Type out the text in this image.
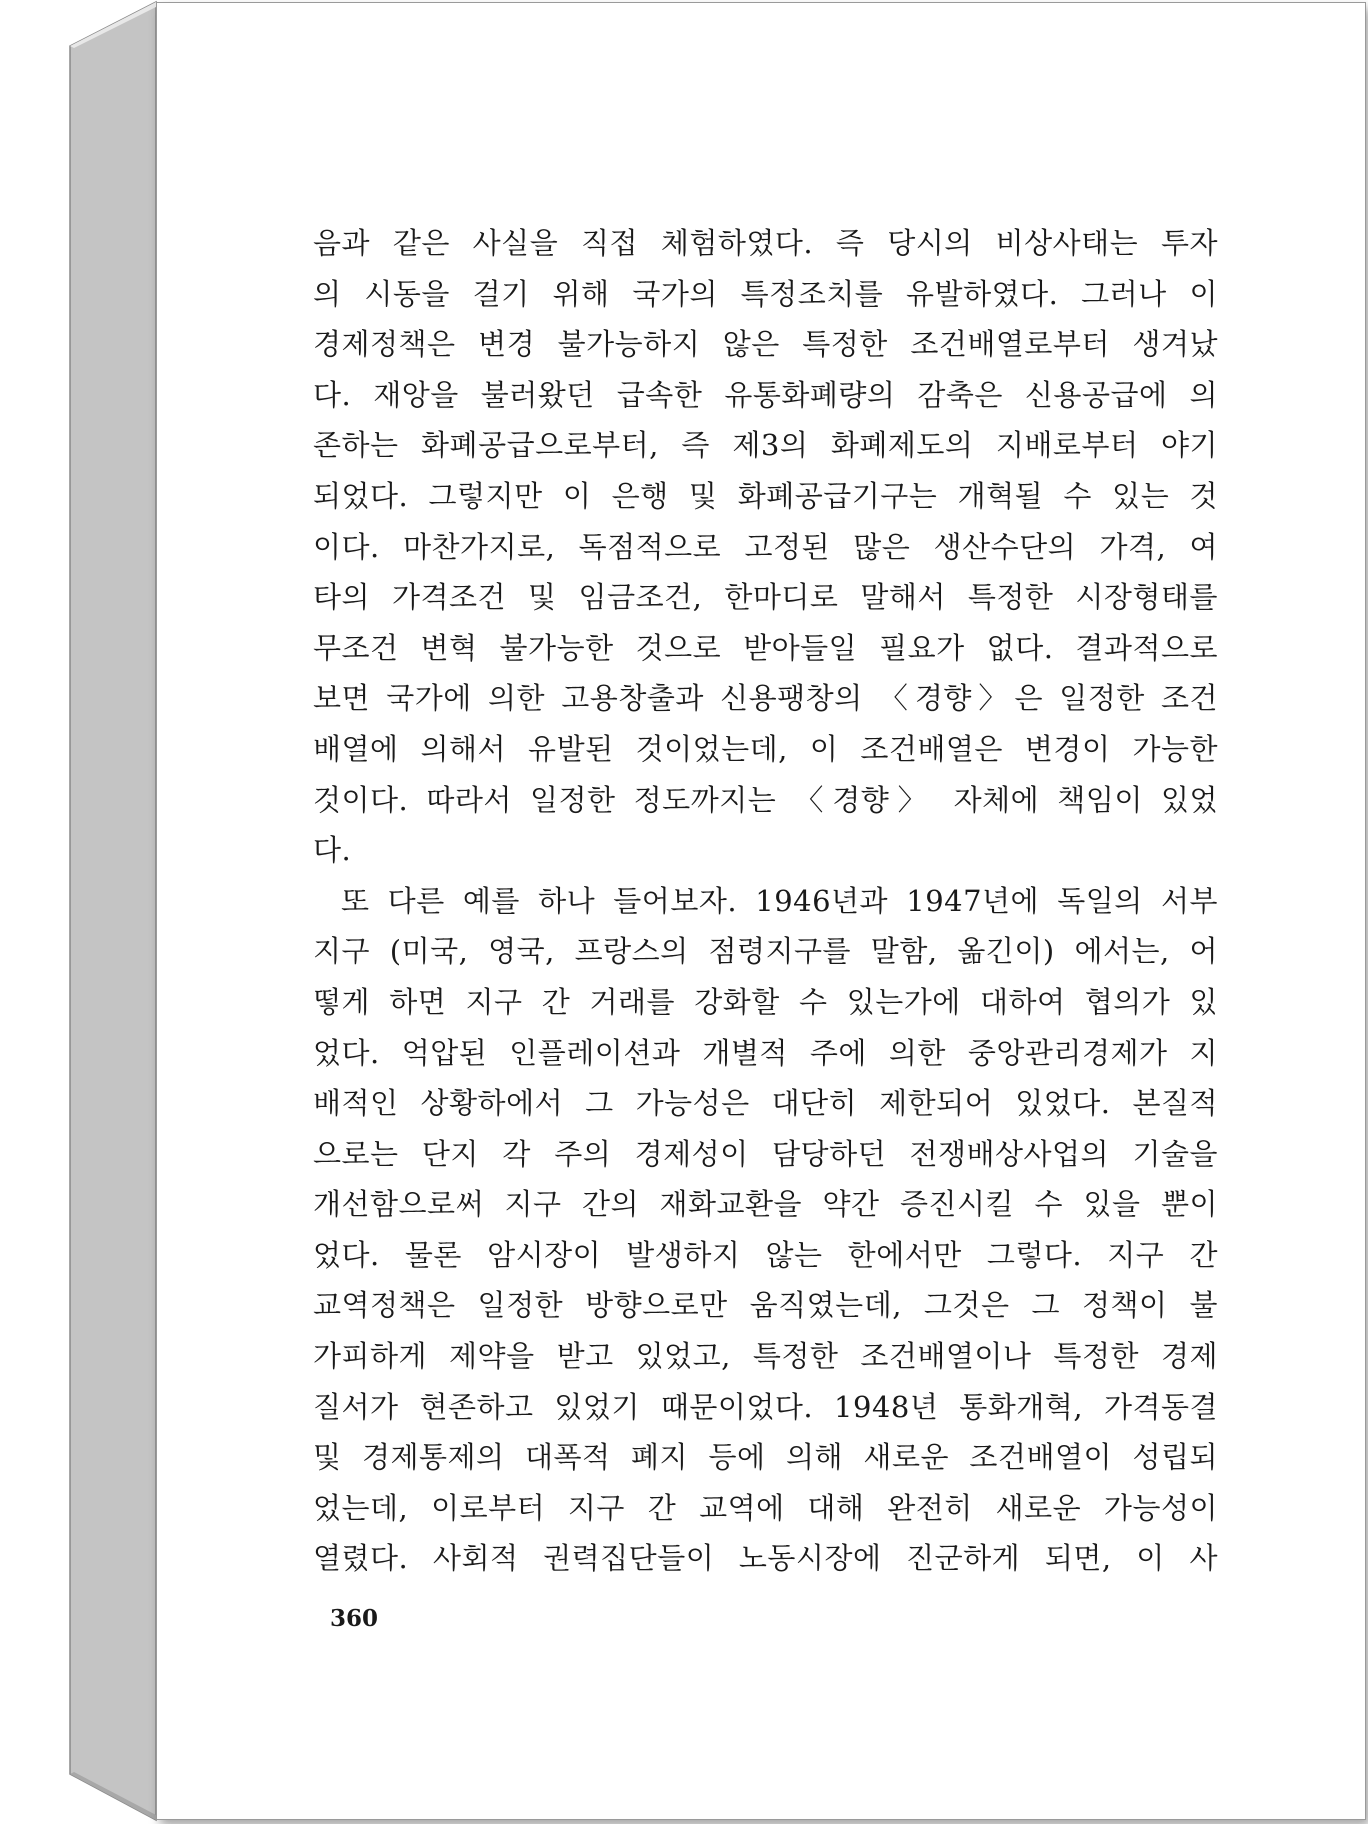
음과 같은 사실을 직접 체험하였다. 즉 당시의 비상사태는 투자
의 시동을 걸기 위해 국가의 특정조치를 유발하였다. 그러나 이
경제정책은 변경 불가능하지 않은 특정한 조건배열로부터 생겨났
다. 재앙을 불러왔던 급속한 유통화폐량의 감축은 신용공급에 의
존하는 화폐공급으로부터, 즉 제3의 화폐제도의 지배로부터 야기
되었다. 그렇지만 이 은행 및 화폐공급기구는 개혁될 수 있는 것
이다. 마찬가지로, 독점적으로 고정된 많은 생산수단의 가격, 여
타의 가격조건 및 임금조건, 한마디로 말해서 특정한 시장형태를
무조건 변혁 불가능한 것으로 받아들일 필요가 없다. 결과적으로
보면 국가에 의한 고용창출과 신용팽창의 〈경향〉은 일정한 조건
배열에 의해서 유발된 것이었는데, 이 조건배열은 변경이 가능한
것이다. 따라서 일정한 정도까지는 〈경향〉 자체에 책임이 있었
다.
또 다른 예를 하나 들어보자. 1946년과 1947년에 독일의 서부
지구 (미국, 영국, 프랑스의 점령지구를 말함, 옮긴이) 에서는, 어
떻게 하면 지구 간 거래를 강화할 수 있는가에 대하여 협의가 있
었다. 억압된 인플레이션과 개별적 주에 의한 중앙관리경제가 지
배적인 상황하에서 그 가능성은 대단히 제한되어 있었다. 본질적
으로는 단지 각 주의 경제성이 담당하던 전쟁배상사업의 기술을
개선함으로써 지구 간의 재화교환을 약간 증진시킬 수 있을 뿐이
었다. 물론 암시장이 발생하지 않는 한에서만 그렇다. 지구 간
교역정책은 일정한 방향으로만 움직였는데, 그것은 그 정책이 불
가피하게 제약을 받고 있었고, 특정한 조건배열이나 특정한 경제
질서가 현존하고 있었기 때문이었다. 1948년 통화개혁, 가격동결
및 경제통제의 대폭적 폐지 등에 의해 새로운 조건배열이 성립되
었는데, 이로부터 지구 간 교역에 대해 완전히 새로운 가능성이
열렸다. 사회적 권력집단들이 노동시장에 진군하게 되면, 이 사
360
